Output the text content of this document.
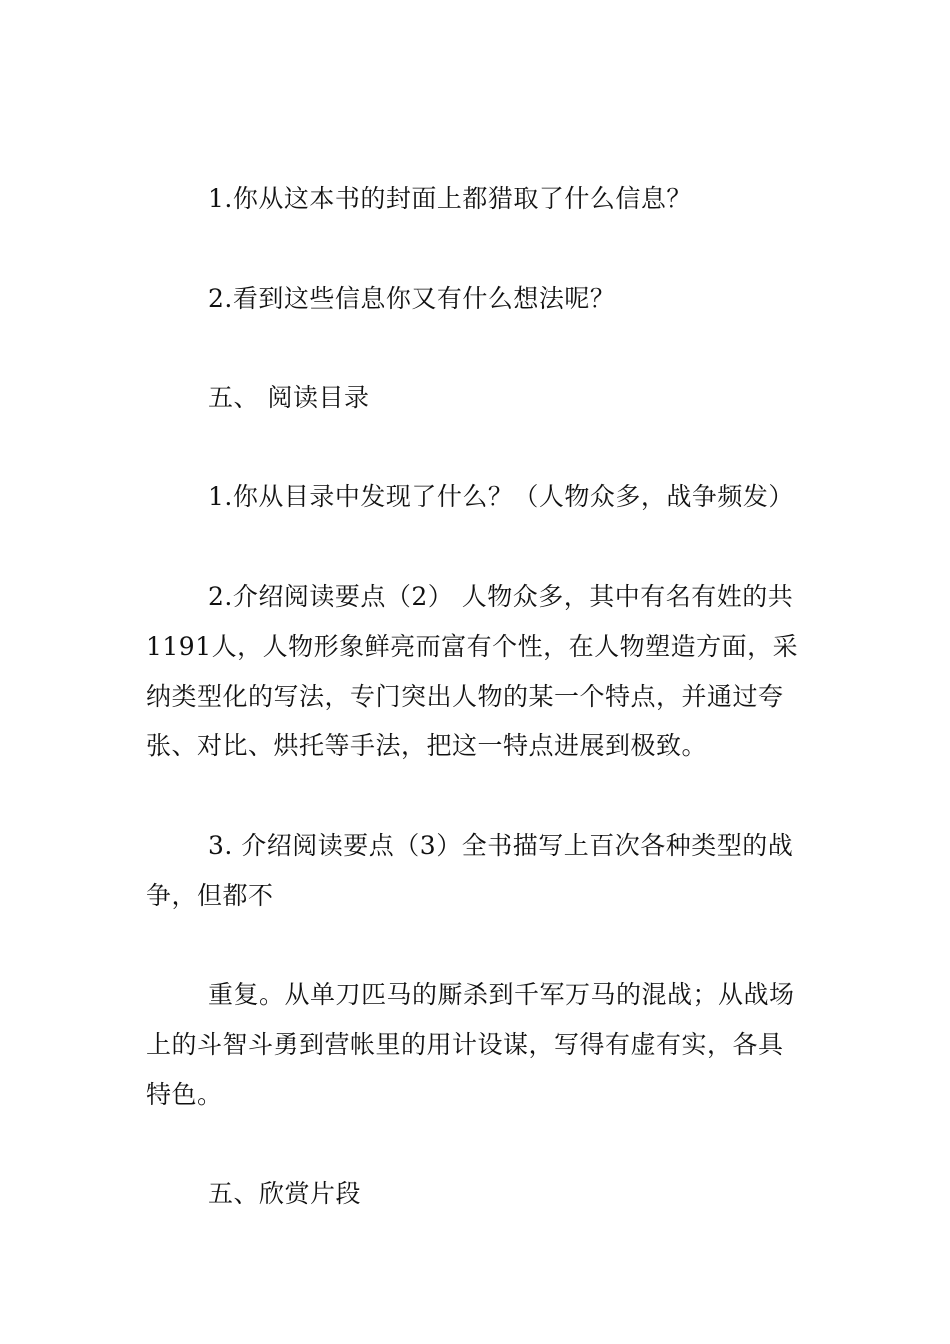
1.你从这本书的封面上都猎取了什么信息？
2.看到这些信息你又有什么想法呢？
五、 阅读目录
1.你从目录中发现了什么？（人物众多，战争频发）
2.介绍阅读要点（2） 人物众多，其中有名有姓的共
1191人，人物形象鲜亮而富有个性，在人物塑造方面，采
纳类型化的写法，专门突出人物的某一个特点，并通过夸
张、对比、烘托等手法，把这一特点进展到极致。
3. 介绍阅读要点（3）全书描写上百次各种类型的战
争，但都不
重复。从单刀匹马的厮杀到千军万马的混战；从战场
上的斗智斗勇到营帐里的用计设谋，写得有虚有实，各具
特色。
五、欣赏片段
